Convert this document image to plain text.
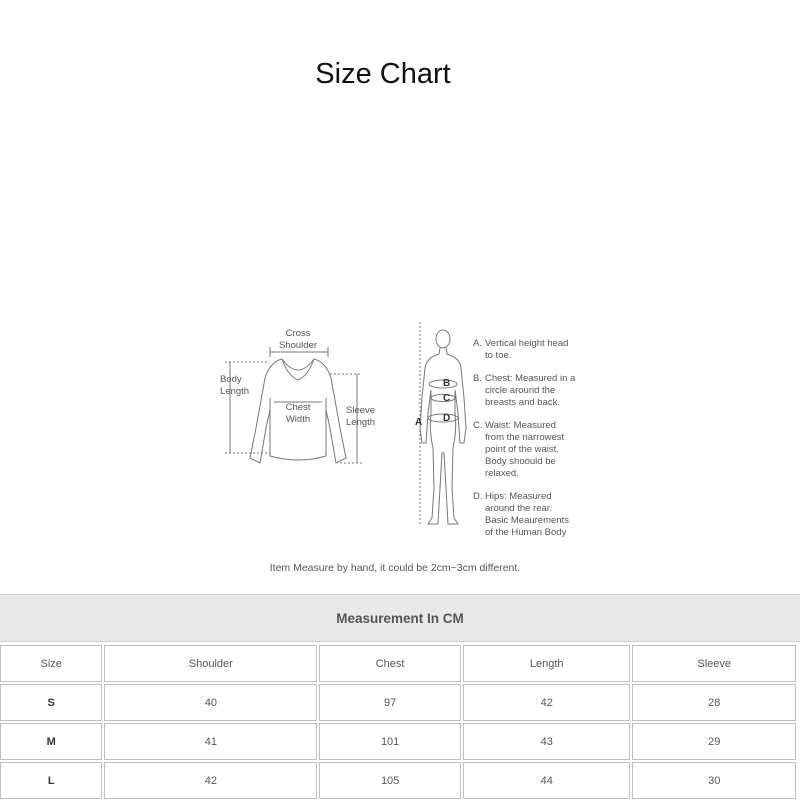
Size Chart
Cross
Shoulder
Body
Length
Chest
Width
Sleeve
Length
B
C
D
A
A. Vertical height head
to toe.
B. Chest: Measured in a
circle around the
breasts and back.
C. Waist: Measured
from the narrowest
point of the waist.
Body shoould be
relaxed.
D. Hips: Measured
around the rear.
Basic Meaurements
of the Human Body
Item Measure by hand, it could be 2cm~3cm different.
Measurement In CM
Size	Shoulder	Chest	Length	Sleeve
S	40	97	42	28
M	41	101	43	29
L	42	105	44	30
